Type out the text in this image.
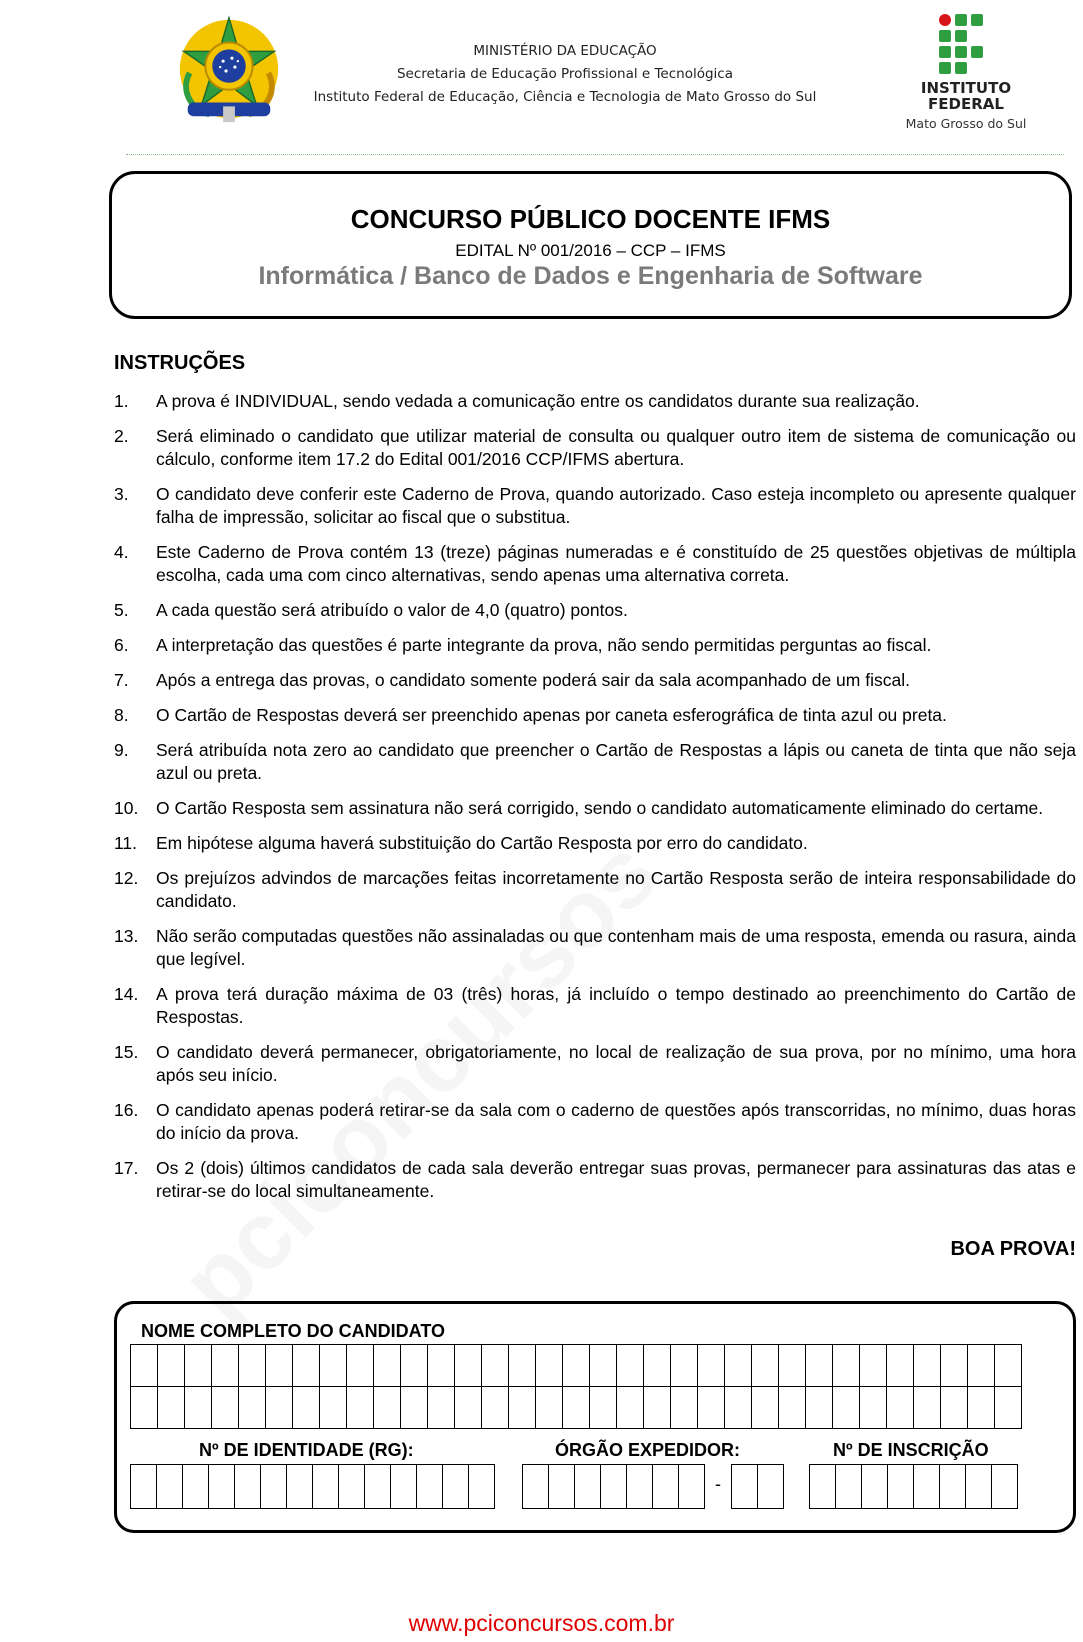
MINISTÉRIO DA EDUCAÇÃO
Secretaria de Educação Profissional e Tecnológica
Instituto Federal de Educação, Ciência e Tecnologia de Mato Grosso do Sul	INSTITUTO
FEDERAL
Mato Grosso do Sul
CONCURSO PÚBLICO DOCENTE IFMS
EDITAL Nº 001/2016 – CCP – IFMS
Informática / Banco de Dados e Engenharia de Software
INSTRUÇÕES
1. A prova é INDIVIDUAL, sendo vedada a comunicação entre os candidatos durante sua realização.
2. Será eliminado o candidato que utilizar material de consulta ou qualquer outro item de sistema de comunicação ou cálculo, conforme item 17.2 do Edital 001/2016 CCP/IFMS abertura.
3. O candidato deve conferir este Caderno de Prova, quando autorizado. Caso esteja incompleto ou apresente qualquer falha de impressão, solicitar ao fiscal que o substitua.
4. Este Caderno de Prova contém 13 (treze) páginas numeradas e é constituído de 25 questões objetivas de múltipla escolha, cada uma com cinco alternativas, sendo apenas uma alternativa correta.
5. A cada questão será atribuído o valor de 4,0 (quatro) pontos.
6. A interpretação das questões é parte integrante da prova, não sendo permitidas perguntas ao fiscal.
7. Após a entrega das provas, o candidato somente poderá sair da sala acompanhado de um fiscal.
8. O Cartão de Respostas deverá ser preenchido apenas por caneta esferográfica de tinta azul ou preta.
9. Será atribuída nota zero ao candidato que preencher o Cartão de Respostas a lápis ou caneta de tinta que não seja azul ou preta.
10. O Cartão Resposta sem assinatura não será corrigido, sendo o candidato automaticamente eliminado do certame.
11. Em hipótese alguma haverá substituição do Cartão Resposta por erro do candidato.
12. Os prejuízos advindos de marcações feitas incorretamente no Cartão Resposta serão de inteira responsabilidade do candidato.
13. Não serão computadas questões não assinaladas ou que contenham mais de uma resposta, emenda ou rasura, ainda que legível.
14. A prova terá duração máxima de 03 (três) horas, já incluído o tempo destinado ao preenchimento do Cartão de Respostas.
15. O candidato deverá permanecer, obrigatoriamente, no local de realização de sua prova, por no mínimo, uma hora após seu início.
16. O candidato apenas poderá retirar-se da sala com o caderno de questões após transcorridas, no mínimo, duas horas do início da prova.
17. Os 2 (dois) últimos candidatos de cada sala deverão entregar suas provas, permanecer para assinaturas das atas e retirar-se do local simultaneamente.
BOA PROVA!
NOME COMPLETO DO CANDIDATO
Nº DE IDENTIDADE (RG):	ÓRGÃO EXPEDIDOR:	Nº DE INSCRIÇÃO
-
www.pciconcursos.com.br
